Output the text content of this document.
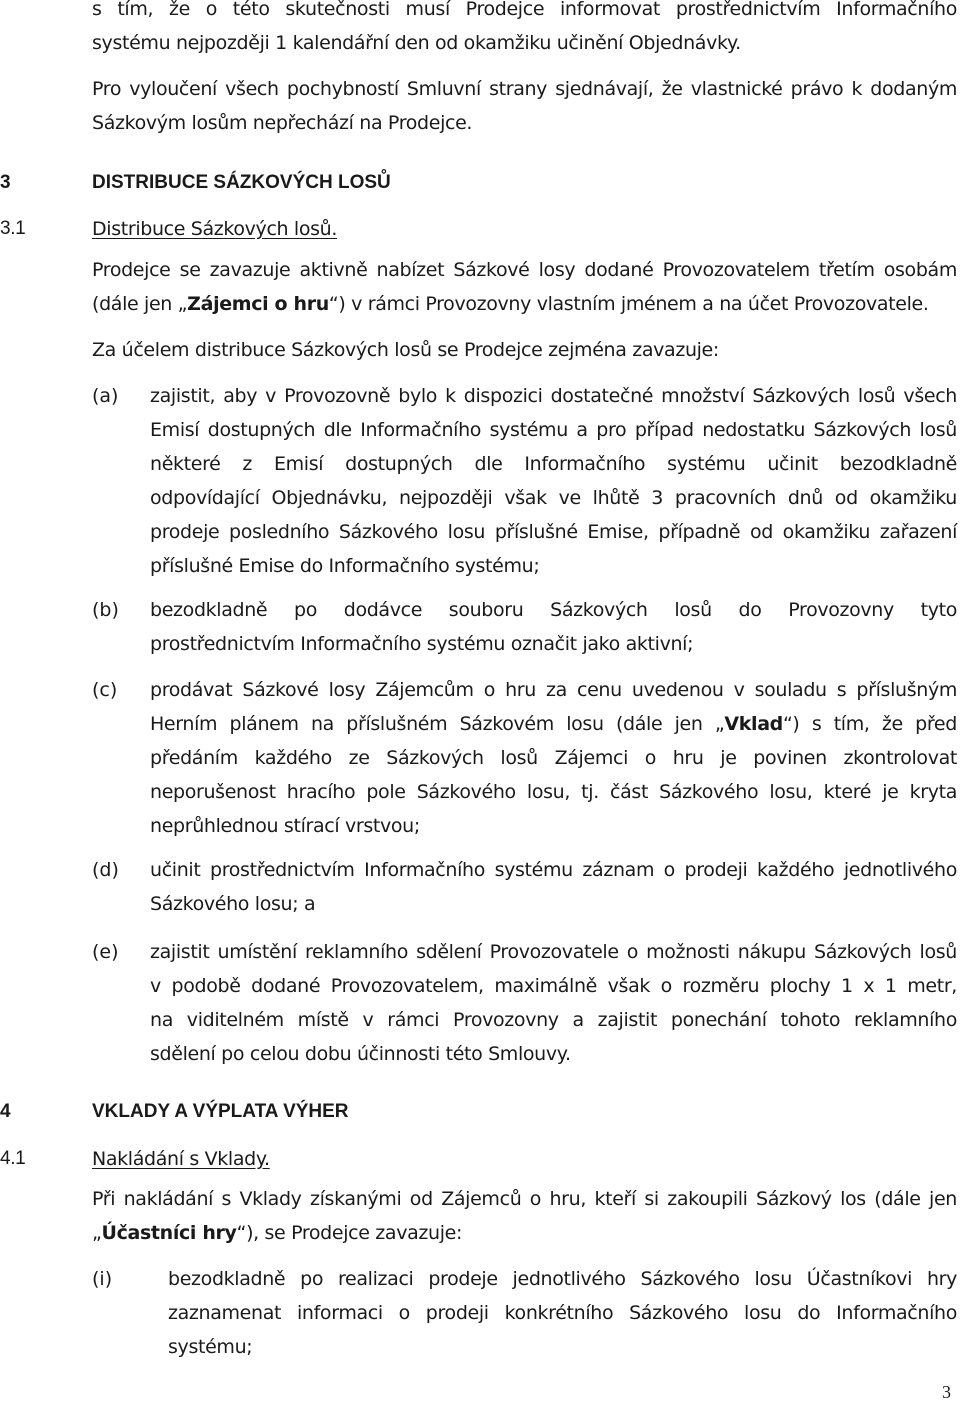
s tím, že o této skutečnosti musí Prodejce informovat prostřednictvím Informačního
systému nejpozději 1 kalendářní den od okamžiku učinění Objednávky.
Pro vyloučení všech pochybností Smluvní strany sjednávají, že vlastnické právo k dodaným
Sázkovým losům nepřechází na Prodejce.
3	DISTRIBUCE SÁZKOVÝCH LOSŮ
3.1	Distribuce Sázkových losů.
Prodejce se zavazuje aktivně nabízet Sázkové losy dodané Provozovatelem třetím osobám
(dále jen „Zájemci o hru“) v rámci Provozovny vlastním jménem a na účet Provozovatele.
Za účelem distribuce Sázkových losů se Prodejce zejména zavazuje:
(a) zajistit, aby v Provozovně bylo k dispozici dostatečné množství Sázkových losů všech
Emisí dostupných dle Informačního systému a pro případ nedostatku Sázkových losů
některé z Emisí dostupných dle Informačního systému učinit bezodkladně
odpovídající Objednávku, nejpozději však ve lhůtě 3 pracovních dnů od okamžiku
prodeje posledního Sázkového losu příslušné Emise, případně od okamžiku zařazení
příslušné Emise do Informačního systému;
(b) bezodkladně po dodávce souboru Sázkových losů do Provozovny tyto
prostřednictvím Informačního systému označit jako aktivní;
(c) prodávat Sázkové losy Zájemcům o hru za cenu uvedenou v souladu s příslušným
Herním plánem na příslušném Sázkovém losu (dále jen „Vklad“) s tím, že před
předáním každého ze Sázkových losů Zájemci o hru je povinen zkontrolovat
neporušenost hracího pole Sázkového losu, tj. část Sázkového losu, které je kryta
neprůhlednou stírací vrstvou;
(d) učinit prostřednictvím Informačního systému záznam o prodeji každého jednotlivého
Sázkového losu; a
(e) zajistit umístění reklamního sdělení Provozovatele o možnosti nákupu Sázkových losů
v podobě dodané Provozovatelem, maximálně však o rozměru plochy 1 x 1 metr,
na viditelném místě v rámci Provozovny a zajistit ponechání tohoto reklamního
sdělení po celou dobu účinnosti této Smlouvy.
4	VKLADY A VÝPLATA VÝHER
4.1	Nakládání s Vklady.
Při nakládání s Vklady získanými od Zájemců o hru, kteří si zakoupili Sázkový los (dále jen
„Účastníci hry“), se Prodejce zavazuje:
(i)	bezodkladně po realizaci prodeje jednotlivého Sázkového losu Účastníkovi hry
zaznamenat informaci o prodeji konkrétního Sázkového losu do Informačního
systému;
3
